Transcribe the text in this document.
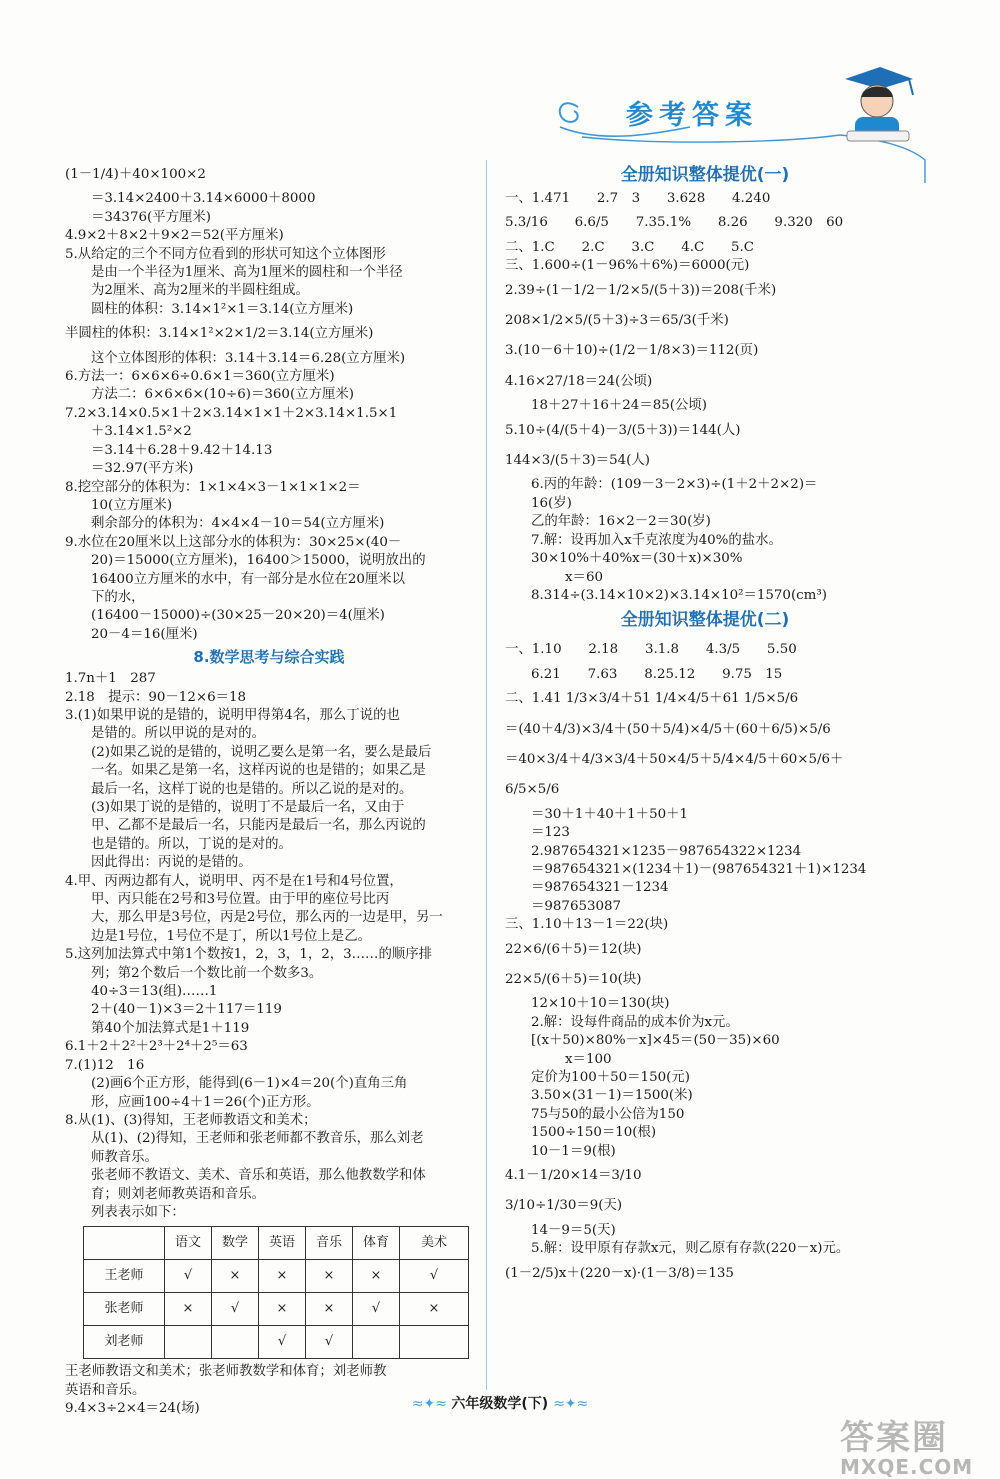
参考答案
(1－1/4)＋40×100×2
＝3.14×2400＋3.14×6000＋8000
＝34376(平方厘米)
4.9×2＋8×2＋9×2＝52(平方厘米)
5.从给定的三个不同方位看到的形状可知这个立体图形
是由一个半径为1厘米、高为1厘米的圆柱和一个半径
为2厘米、高为2厘米的半圆柱组成。
圆柱的体积：3.14×1²×1＝3.14(立方厘米)
半圆柱的体积：3.14×1²×2×1/2＝3.14(立方厘米)
这个立体图形的体积：3.14＋3.14＝6.28(立方厘米)
6.方法一：6×6×6÷0.6×1＝360(立方厘米)
方法二：6×6×6×(10÷6)＝360(立方厘米)
7.2×3.14×0.5×1＋2×3.14×1×1＋2×3.14×1.5×1
＋3.14×1.5²×2
＝3.14＋6.28＋9.42＋14.13
＝32.97(平方米)
8.挖空部分的体积为：1×1×4×3－1×1×1×2＝
10(立方厘米)
剩余部分的体积为：4×4×4－10＝54(立方厘米)
9.水位在20厘米以上这部分水的体积为：30×25×(40－
20)＝15000(立方厘米)，16400＞15000，说明放出的
16400立方厘米的水中，有一部分是水位在20厘米以
下的水，
(16400－15000)÷(30×25－20×20)＝4(厘米)
20－4＝16(厘米)
8.数学思考与综合实践
1.7n＋1　287
2.18　提示：90－12×6＝18
3.(1)如果甲说的是错的，说明甲得第4名，那么丁说的也
是错的。所以甲说的是对的。
(2)如果乙说的是错的，说明乙要么是第一名，要么是最后
一名。如果乙是第一名，这样丙说的也是错的；如果乙是
最后一名，这样丁说的也是错的。所以乙说的是对的。
(3)如果丁说的是错的，说明丁不是最后一名，又由于
甲、乙都不是最后一名，只能丙是最后一名，那么丙说的
也是错的。所以，丁说的是对的。
因此得出：丙说的是错的。
4.甲、丙两边都有人，说明甲、丙不是在1号和4号位置，
甲、丙只能在2号和3号位置。由于甲的座位号比丙
大，那么甲是3号位，丙是2号位，那么丙的一边是甲，另一
边是1号位，1号位不是丁，所以1号位上是乙。
5.这列加法算式中第1个数按1，2，3，1，2，3……的顺序排
列；第2个数后一个数比前一个数多3。
40÷3＝13(组)……1
2＋(40－1)×3＝2＋117＝119
第40个加法算式是1＋119
6.1＋2＋2²＋2³＋2⁴＋2⁵＝63
7.(1)12　16
(2)画6个正方形，能得到(6－1)×4＝20(个)直角三角
形，应画100÷4＋1＝26(个)正方形。
8.从(1)、(3)得知，王老师教语文和美术；
从(1)、(2)得知，王老师和张老师都不教音乐，那么刘老
师教音乐。
张老师不教语文、美术、音乐和英语，那么他教数学和体
育；则刘老师教英语和音乐。
列表表示如下：
	语文	数学	英语	音乐	体育	美术
王老师	√	×	×	×	×	√
张老师	×	√	×	×	√	×
刘老师			√	√		
王老师教语文和美术；张老师教数学和体育；刘老师教
英语和音乐。
9.4×3÷2×4＝24(场)
全册知识整体提优(一)
一、1.471　　2.7　3　　3.628　　4.240
5.3/16　　6.6/5　　7.35.1%　　8.26　　9.320　60
二、1.C　　2.C　　3.C　　4.C　　5.C
三、1.600÷(1－96%＋6%)＝6000(元)
2.39÷(1－1/2－1/2×5/(5＋3))＝208(千米)
208×1/2×5/(5＋3)÷3＝65/3(千米)
3.(10－6＋10)÷(1/2－1/8×3)＝112(页)
4.16×27/18＝24(公顷)
18＋27＋16＋24＝85(公顷)
5.10÷(4/(5＋4)－3/(5＋3))＝144(人)
144×3/(5＋3)＝54(人)
6.丙的年龄：(109－3－2×3)÷(1＋2＋2×2)＝
16(岁)
乙的年龄：16×2－2＝30(岁)
7.解：设再加入x千克浓度为40%的盐水。
30×10%＋40%x＝(30＋x)×30%
x＝60
8.314÷(3.14×10×2)×3.14×10²＝1570(cm³)
全册知识整体提优(二)
一、1.10　　2.18　　3.1.8　　4.3/5　　5.50
6.21　　7.63　　8.25.12　　9.75　15
二、1.41 1/3×3/4＋51 1/4×4/5＋61 1/5×5/6
＝(40＋4/3)×3/4＋(50＋5/4)×4/5＋(60＋6/5)×5/6
＝40×3/4＋4/3×3/4＋50×4/5＋5/4×4/5＋60×5/6＋
6/5×5/6
＝30＋1＋40＋1＋50＋1
＝123
2.987654321×1235－987654322×1234
＝987654321×(1234＋1)－(987654321＋1)×1234
＝987654321－1234
＝987653087
三、1.10＋13－1＝22(块)
22×6/(6＋5)＝12(块)
22×5/(6＋5)＝10(块)
12×10＋10＝130(块)
2.解：设每件商品的成本价为x元。
[(x＋50)×80%－x]×45＝(50－35)×60
x＝100
定价为100＋50＝150(元)
3.50×(31－1)＝1500(米)
75与50的最小公倍为150
1500÷150＝10(根)
10－1＝9(根)
4.1－1/20×14＝3/10
3/10÷1/30＝9(天)
14－9＝5(天)
5.解：设甲原有存款x元，则乙原有存款(220－x)元。
(1－2/5)x＋(220－x)·(1－3/8)＝135
≈✦≈ 六年级数学(下) ≈✦≈
答案圈
MXQE.COM
